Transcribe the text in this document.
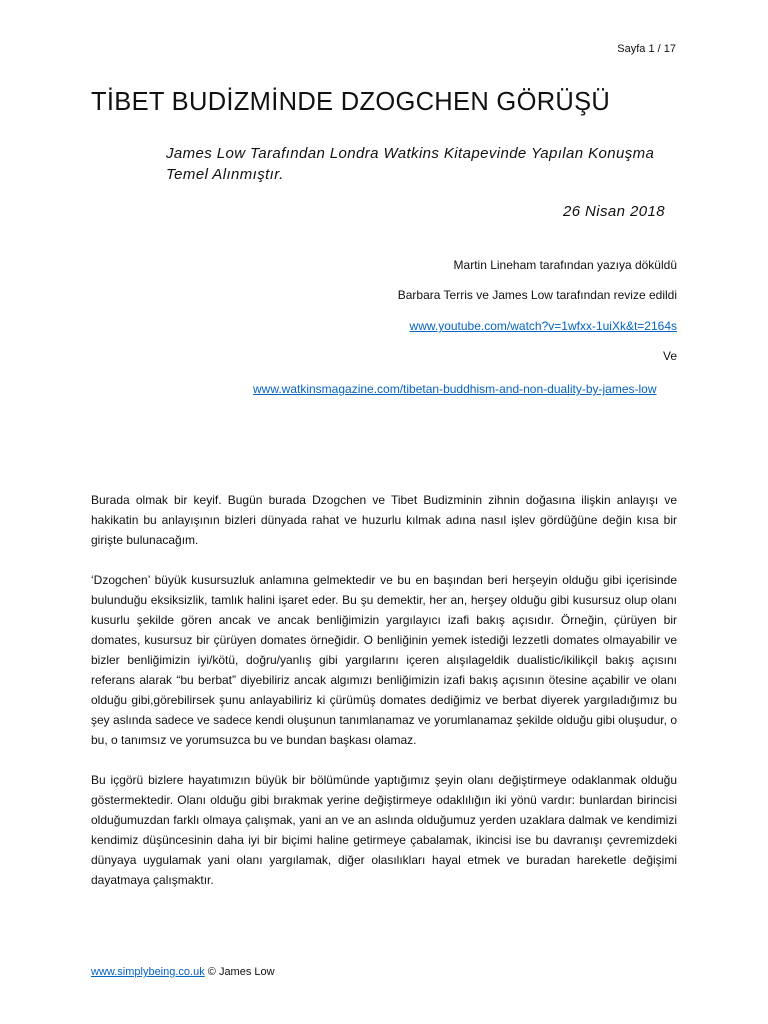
Sayfa 1 / 17
TİBET BUDİZMİNDE DZOGCHEN GÖRÜŞÜ

James Low Tarafından Londra Watkins Kitapevinde Yapılan Konuşma Temel Alınmıştır.

26 Nisan 2018
Martin Lineham tarafından yazıya döküldü
Barbara Terris ve James Low tarafından revize edildi
www.youtube.com/watch?v=1wfxx-1uiXk&t=2164s
Ve
www.watkinsmagazine.com/tibetan-buddhism-and-non-duality-by-james-low

Burada olmak bir keyif. Bugün burada Dzogchen ve Tibet Budizminin zihnin doğasına ilişkin anlayışı ve hakikatin bu anlayışının bizleri dünyada rahat ve huzurlu kılmak adına nasıl işlev gördüğüne değin kısa bir girişte bulunacağım.

‘Dzogchen’ büyük kusursuzluk anlamına gelmektedir ve bu en başından beri herşeyin olduğu gibi içerisinde bulunduğu eksiksizlik, tamlık halini işaret eder. Bu şu demektir, her an, herşey olduğu gibi kusursuz olup olanı kusurlu şekilde gören ancak ve ancak benliğimizin yargılayıcı izafi bakış açısıdır. Örneğin, çürüyen bir domates, kusursuz bir çürüyen domates örneğidir. O benliğinin yemek istediği lezzetli domates olmayabilir ve bizler benliğimizin iyi/kötü, doğru/yanlış gibi yargılarını içeren alışılageldik dualistic/ikilikçil bakış açısını referans alarak “bu berbat” diyebiliriz ancak algımızı benliğimizin izafi bakış açısının ötesine açabilir ve olanı olduğu gibi,görebilirsek şunu anlayabiliriz ki çürümüş domates dediğimiz ve berbat diyerek yargıladığımız bu şey aslında sadece ve sadece kendi oluşunun tanımlanamaz ve yorumlanamaz şekilde olduğu gibi oluşudur, o bu, o tanımsız ve yorumsuzca bu ve bundan başkası olamaz.

Bu içgörü bizlere hayatımızın büyük bir bölümünde yaptığımız şeyin olanı değiştirmeye odaklanmak olduğu göstermektedir. Olanı olduğu gibi bırakmak yerine değiştirmeye odaklılığın iki yönü vardır: bunlardan birincisi olduğumuzdan farklı olmaya çalışmak, yani an ve an aslında olduğumuz yerden uzaklara dalmak ve kendimizi kendimiz düşüncesinin daha iyi bir biçimi haline getirmeye çabalamak, ikincisi ise bu davranışı çevremizdeki dünyaya uygulamak yani olanı yargılamak, diğer olasılıkları hayal etmek ve buradan hareketle değişimi dayatmaya çalışmaktır.

www.simplybeing.co.uk © James Low
